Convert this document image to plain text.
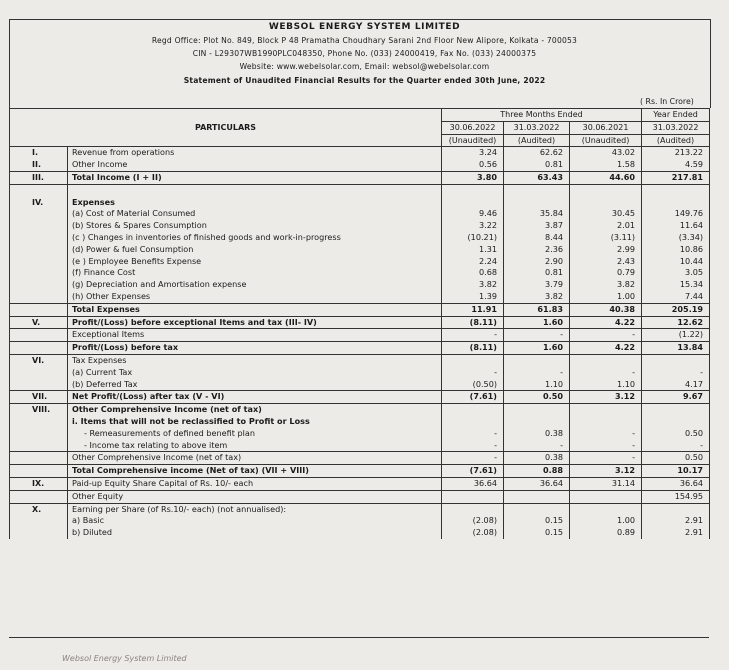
WEBSOL ENERGY SYSTEM LIMITED
Regd Office: Plot No. 849, Block P 48 Pramatha Choudhary Sarani 2nd Floor New Alipore, Kolkata - 700053
CIN - L29307WB1990PLC048350, Phone No. (033) 24000419, Fax No. (033) 24000375
Website: www.webelsolar.com, Email: websol@webelsolar.com
Statement of Unaudited Financial Results for the Quarter ended 30th June, 2022
( Rs. In Crore)
PARTICULARS		Three Months Ended			Year Ended
		30.06.2022	31.03.2022	30.06.2021	31.03.2022
		(Unaudited)	(Audited)	(Unaudited)	(Audited)
I.	Revenue from operations	3.24	62.62	43.02	213.22
II.	Other Income	0.56	0.81	1.58	4.59
III.	Total Income (I + II)	3.80	63.43	44.60	217.81

IV.	Expenses				
	(a) Cost of Material Consumed	9.46	35.84	30.45	149.76
	(b) Stores & Spares Consumption	3.22	3.87	2.01	11.64
	(c ) Changes in inventories of finished goods and work-in-progress	(10.21)	8.44	(3.11)	(3.34)
	(d) Power & fuel Consumption	1.31	2.36	2.99	10.86
	(e ) Employee Benefits Expense	2.24	2.90	2.43	10.44
	(f) Finance Cost	0.68	0.81	0.79	3.05
	(g) Depreciation and Amortisation expense	3.82	3.79	3.82	15.34
	(h) Other Expenses	1.39	3.82	1.00	7.44
	Total Expenses	11.91	61.83	40.38	205.19
V.	Profit/(Loss) before exceptional Items and tax (III- IV)	(8.11)	1.60	4.22	12.62
	Exceptional Items	-	-	-	(1.22)
	Profit/(Loss) before tax	(8.11)	1.60	4.22	13.84
VI.	Tax Expenses				
	(a) Current Tax	-	-	-	-
	(b) Deferred Tax	(0.50)	1.10	1.10	4.17
VII.	Net Profit/(Loss) after tax (V - VI)	(7.61)	0.50	3.12	9.67
VIII.	Other Comprehensive Income (net of tax)				
	i. Items that will not be reclassified to Profit or Loss				
	- Remeasurements of defined benefit plan	-	0.38	-	0.50
	- Income tax relating to above item	-	-	-	-
	Other Comprehensive Income (net of tax)	-	0.38	-	0.50
	Total Comprehensive income (Net of tax) (VII + VIII)	(7.61)	0.88	3.12	10.17
IX.	Paid-up Equity Share Capital of Rs. 10/- each	36.64	36.64	31.14	36.64
	Other Equity				154.95
X.	Earning per Share (of Rs.10/- each) (not annualised):				
	a) Basic	(2.08)	0.15	1.00	2.91
	b) Diluted	(2.08)	0.15	0.89	2.91
Websol Energy System Limited
